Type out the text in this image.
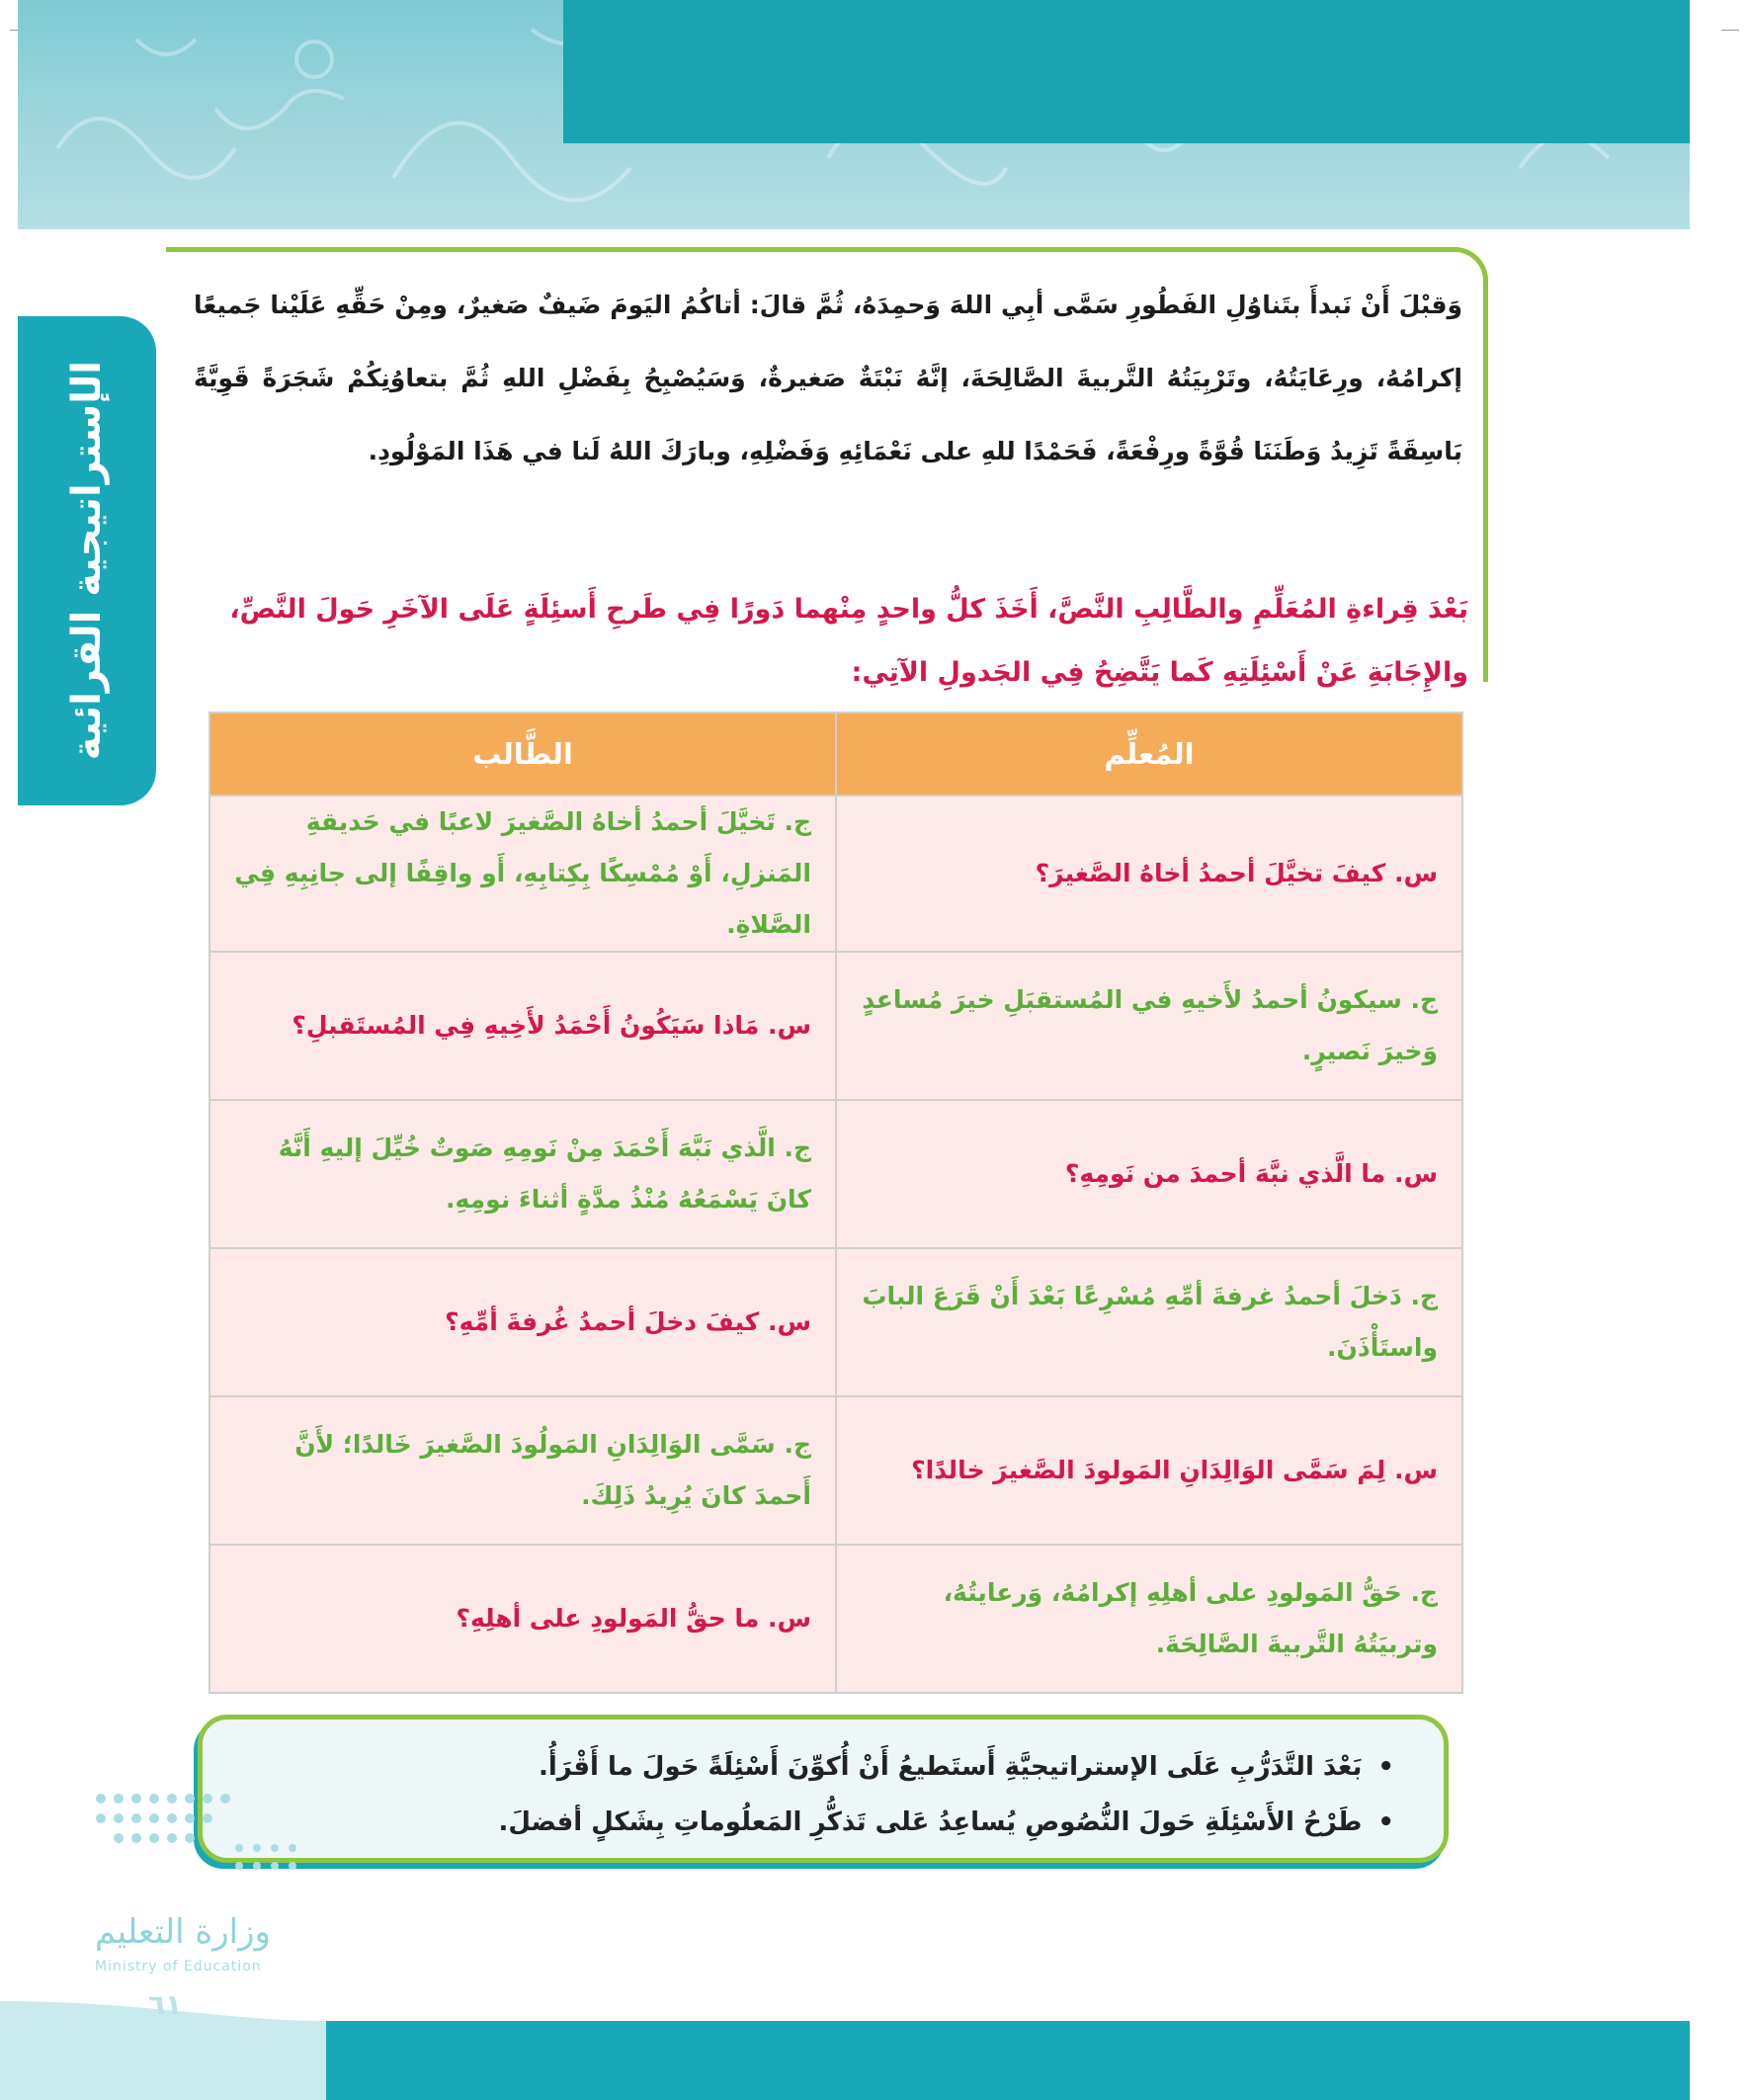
الإستراتيجية القرائية
وَقبْلَ أَنْ نَبدأَ بتَناوُلِ الفَطُورِ سَمَّى أبِي اللهَ وَحمِدَهُ، ثُمَّ قالَ: أتاكُمُ اليَومَ ضَيفٌ صَغيرٌ، ومِنْ حَقِّهِ عَلَيْنا جَميعًا إكرامُهُ، ورِعَايَتُهُ، وتَرْبِيَتُهُ التَّربيةَ الصَّالِحَةَ، إنَّهُ نَبْتَةٌ صَغيرةٌ، وَسَيُصْبِحُ بِفَضْلِ اللهِ ثُمَّ بتعاوُنِكُمْ شَجَرَةً قَوِيَّةً بَاسِقَةً تَزِيدُ وَطَنَنَا قُوَّةً ورِفْعَةً، فَحَمْدًا للهِ على نَعْمَائِهِ وَفَضْلِهِ، وبارَكَ اللهُ لَنا في هَذَا المَوْلُودِ.
بَعْدَ قِراءةِ المُعَلِّمِ والطَّالِبِ النَّصَّ، أَخَذَ كلُّ واحدٍ مِنْهما دَورًا فِي طَرحِ أَسئِلَةٍ عَلَى الآخَرِ حَولَ النَّصِّ،
والإِجَابَةِ عَنْ أَسْئِلَتِهِ كَما يَتَّضِحُ فِي الجَدولِ الآتِي:
المُعلِّم	الطَّالب
س. كيفَ تخيَّلَ أحمدُ أخاهُ الصَّغيرَ؟	ج. تَخيَّلَ أحمدُ أخاهُ الصَّغيرَ لاعبًا في حَديقةِ المَنزلِ، أَوْ مُمْسِكًا بِكِتابِهِ، أَو واقِفًا إلى جانِبِهِ فِي الصَّلاةِ.
ج. سيكونُ أحمدُ لأَخيهِ في المُستقبَلِ خيرَ مُساعدٍ وَخيرَ نَصيرٍ.	س. مَاذا سَيَكُونُ أَحْمَدُ لأَخِيهِ فِي المُستَقبلِ؟
س. ما الَّذي نبَّهَ أحمدَ من نَومِهِ؟	ج. الَّذي نَبَّهَ أَحْمَدَ مِنْ نَومِهِ صَوتٌ خُيِّلَ إليهِ أَنَّهُ كانَ يَسْمَعُهُ مُنْذُ مدَّةٍ أثناءَ نومِهِ.
ج. دَخلَ أحمدُ غرفةَ أمِّهِ مُسْرِعًا بَعْدَ أَنْ قَرَعَ البابَ واستَأْذَنَ.	س. كيفَ دخلَ أحمدُ غُرفةَ أمِّهِ؟
س. لِمَ سَمَّى الوَالِدَانِ المَولودَ الصَّغيرَ خالدًا؟	ج. سَمَّى الوَالِدَانِ المَولُودَ الصَّغيرَ خَالدًا؛ لأَنَّ أَحمدَ كانَ يُرِيدُ ذَلِكَ.
ج. حَقُّ المَولودِ على أهلِهِ إكرامُهُ، وَرعايتُهُ، وتربيَتُهُ التَّربيةَ الصَّالِحَةَ.	س. ما حقُّ المَولودِ على أهلِهِ؟
• بَعْدَ التَّدَرُّبِ عَلَى الإستراتيجيَّةِ أَستَطيعُ أَنْ أُكوِّنَ أَسْئِلَةً حَولَ ما أَقْرَأُ.
• طَرْحُ الأَسْئِلَةِ حَولَ النُّصُوصِ يُساعِدُ عَلى تَذكُّرِ المَعلُوماتِ بِشَكلٍ أفضلَ.
وزارة التعليم
Ministry of Education
٦١
